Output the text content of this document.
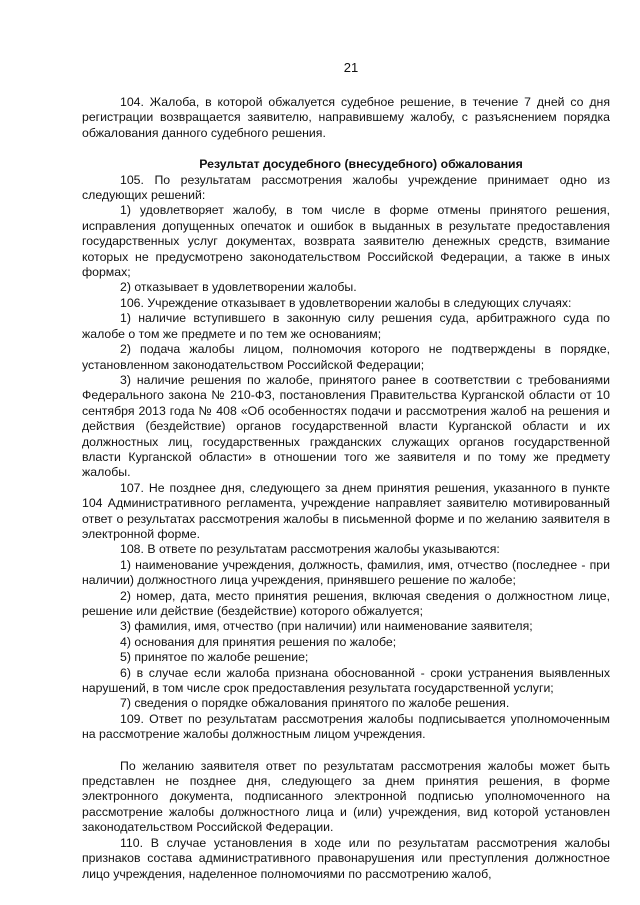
21

104. Жалоба, в которой обжалуется судебное решение, в течение 7 дней со дня регистрации возвращается заявителю, направившему жалобу, с разъяснением порядка обжалования данного судебного решения.

Результат досудебного (внесудебного) обжалования

105. По результатам рассмотрения жалобы учреждение принимает одно из следующих решений:

1) удовлетворяет жалобу, в том числе в форме отмены принятого решения, исправления допущенных опечаток и ошибок в выданных в результате предоставления государственных услуг документах, возврата заявителю денежных средств, взимание которых не предусмотрено законодательством Российской Федерации, а также в иных формах;

2) отказывает в удовлетворении жалобы.

106. Учреждение отказывает в удовлетворении жалобы в следующих случаях:

1) наличие вступившего в законную силу решения суда, арбитражного суда по жалобе о том же предмете и по тем же основаниям;

2) подача жалобы лицом, полномочия которого не подтверждены в порядке, установленном законодательством Российской Федерации;

3) наличие решения по жалобе, принятого ранее в соответствии с требованиями Федерального закона № 210-ФЗ, постановления Правительства Курганской области от 10 сентября 2013 года № 408 «Об особенностях подачи и рассмотрения жалоб на решения и действия (бездействие) органов государственной власти Курганской области и их должностных лиц, государственных гражданских служащих органов государственной власти Курганской области» в отношении того же заявителя и по тому же предмету жалобы.

107. Не позднее дня, следующего за днем принятия решения, указанного в пункте 104 Административного регламента, учреждение направляет заявителю мотивированный ответ о результатах рассмотрения жалобы в письменной форме и по желанию заявителя в электронной форме.

108. В ответе по результатам рассмотрения жалобы указываются:

1) наименование учреждения, должность, фамилия, имя, отчество (последнее - при наличии) должностного лица учреждения, принявшего решение по жалобе;

2) номер, дата, место принятия решения, включая сведения о должностном лице, решение или действие (бездействие) которого обжалуется;

3) фамилия, имя, отчество (при наличии) или наименование заявителя;

4) основания для принятия решения по жалобе;

5) принятое по жалобе решение;

6) в случае если жалоба признана обоснованной - сроки устранения выявленных нарушений, в том числе срок предоставления результата государственной услуги;

7) сведения о порядке обжалования принятого по жалобе решения.

109. Ответ по результатам рассмотрения жалобы подписывается уполномоченным на рассмотрение жалобы должностным лицом учреждения.

По желанию заявителя ответ по результатам рассмотрения жалобы может быть представлен не позднее дня, следующего за днем принятия решения, в форме электронного документа, подписанного электронной подписью уполномоченного на рассмотрение жалобы должностного лица и (или) учреждения, вид которой установлен законодательством Российской Федерации.

110. В случае установления в ходе или по результатам рассмотрения жалобы признаков состава административного правонарушения или преступления должностное лицо учреждения, наделенное полномочиями по рассмотрению жалоб,
